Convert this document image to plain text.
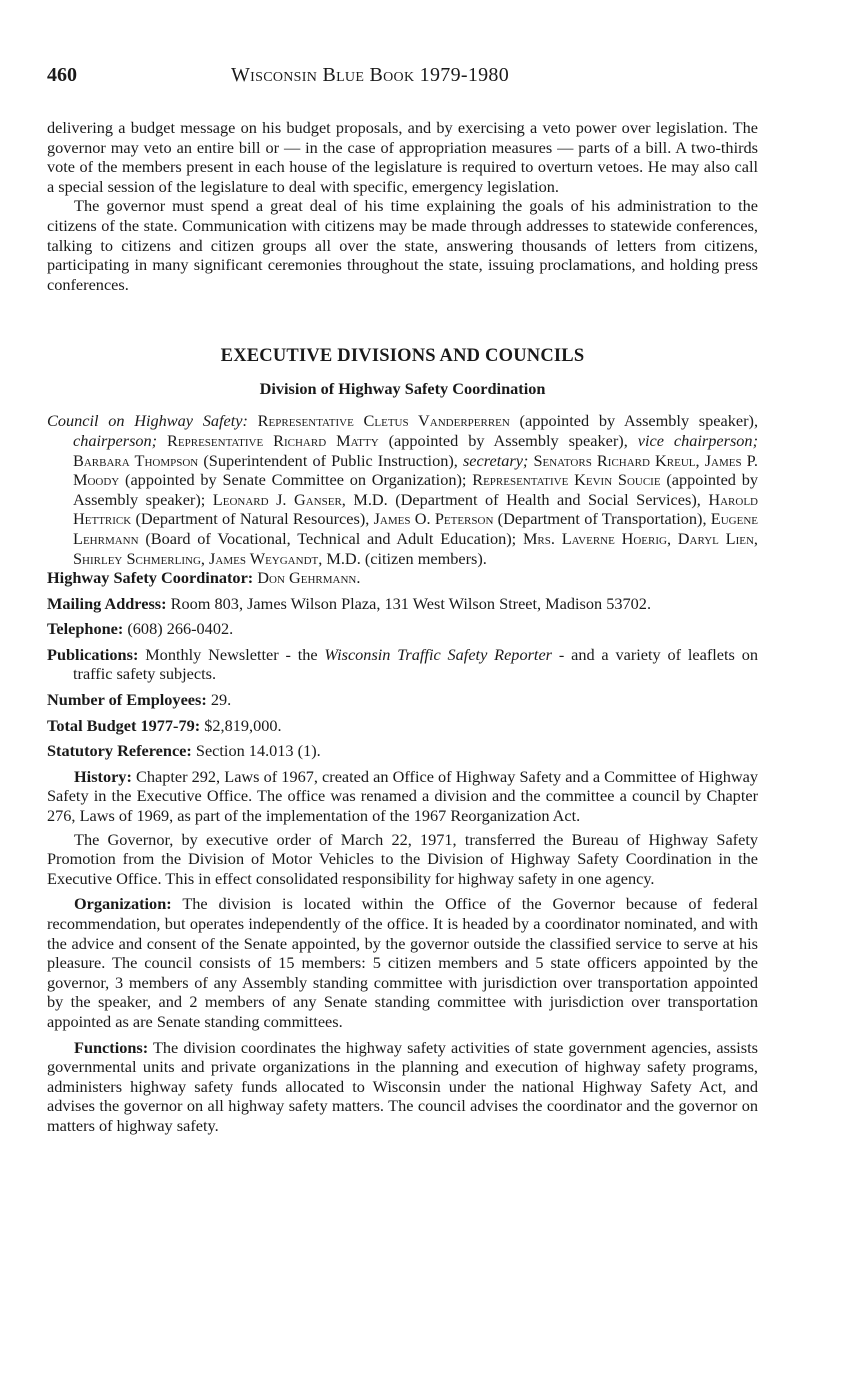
460	Wisconsin Blue Book 1979-1980

delivering a budget message on his budget proposals, and by exercising a veto power over legislation. The governor may veto an entire bill or — in the case of appropriation measures — parts of a bill. A two-thirds vote of the members present in each house of the legislature is required to overturn vetoes. He may also call a special session of the legislature to deal with specific, emergency legislation.

The governor must spend a great deal of his time explaining the goals of his administration to the citizens of the state. Communication with citizens may be made through addresses to statewide conferences, talking to citizens and citizen groups all over the state, answering thousands of letters from citizens, participating in many significant ceremonies throughout the state, issuing proclamations, and holding press conferences.

EXECUTIVE DIVISIONS AND COUNCILS
Division of Highway Safety Coordination

Council on Highway Safety: Representative Cletus Vanderperren (appointed by Assembly speaker), chairperson; Representative Richard Matty (appointed by Assembly speaker), vice chairperson; Barbara Thompson (Superintendent of Public Instruction), secretary; Senators Richard Kreul, James P. Moody (appointed by Senate Committee on Organization); Representative Kevin Soucie (appointed by Assembly speaker); Leonard J. Ganser, M.D. (Department of Health and Social Services), Harold Hettrick (Department of Natural Resources), James O. Peterson (Department of Transportation), Eugene Lehrmann (Board of Vocational, Technical and Adult Education); Mrs. Laverne Hoerig, Daryl Lien, Shirley Schmerling, James Weygandt, M.D. (citizen members).

Highway Safety Coordinator: Don Gehrmann.

Mailing Address: Room 803, James Wilson Plaza, 131 West Wilson Street, Madison 53702.

Telephone: (608) 266-0402.

Publications: Monthly Newsletter - the Wisconsin Traffic Safety Reporter - and a variety of leaflets on traffic safety subjects.

Number of Employees: 29.

Total Budget 1977-79: $2,819,000.

Statutory Reference: Section 14.013 (1).

History: Chapter 292, Laws of 1967, created an Office of Highway Safety and a Committee of Highway Safety in the Executive Office. The office was renamed a division and the committee a council by Chapter 276, Laws of 1969, as part of the implementation of the 1967 Reorganization Act.

The Governor, by executive order of March 22, 1971, transferred the Bureau of Highway Safety Promotion from the Division of Motor Vehicles to the Division of Highway Safety Coordination in the Executive Office. This in effect consolidated responsibility for highway safety in one agency.

Organization: The division is located within the Office of the Governor because of federal recommendation, but operates independently of the office. It is headed by a coordinator nominated, and with the advice and consent of the Senate appointed, by the governor outside the classified service to serve at his pleasure. The council consists of 15 members: 5 citizen members and 5 state officers appointed by the governor, 3 members of any Assembly standing committee with jurisdiction over transportation appointed by the speaker, and 2 members of any Senate standing committee with jurisdiction over transportation appointed as are Senate standing committees.

Functions: The division coordinates the highway safety activities of state government agencies, assists governmental units and private organizations in the planning and execution of highway safety programs, administers highway safety funds allocated to Wisconsin under the national Highway Safety Act, and advises the governor on all highway safety matters. The council advises the coordinator and the governor on matters of highway safety.
